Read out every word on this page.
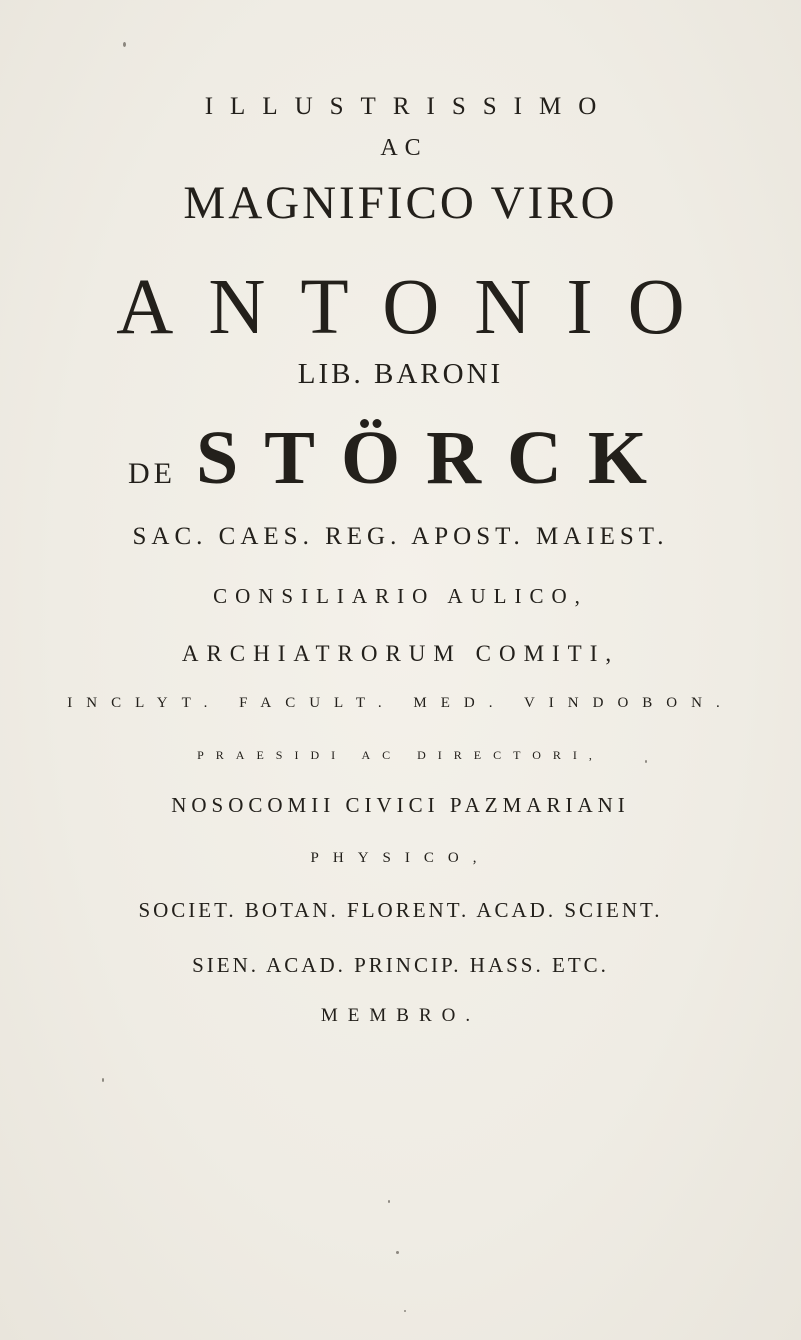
ILLUSTRISSIMO
AC
MAGNIFICO VIRO
ANTONIO
LIB. BARONI
DE STÖRCK
SAC. CAES. REG. APOST. MAIEST.
CONSILIARIO AULICO,
ARCHIATRORUM COMITI,
INCLYT. FACULT. MED. VINDOBON.
PRAESIDI AC DIRECTORI,
NOSOCOMII CIVICI PAZMARIANI
PHYSICO,
SOCIET. BOTAN. FLORENT. ACAD. SCIENT.
SIEN. ACAD. PRINCIP. HASS. ETC.
MEMBRO.
